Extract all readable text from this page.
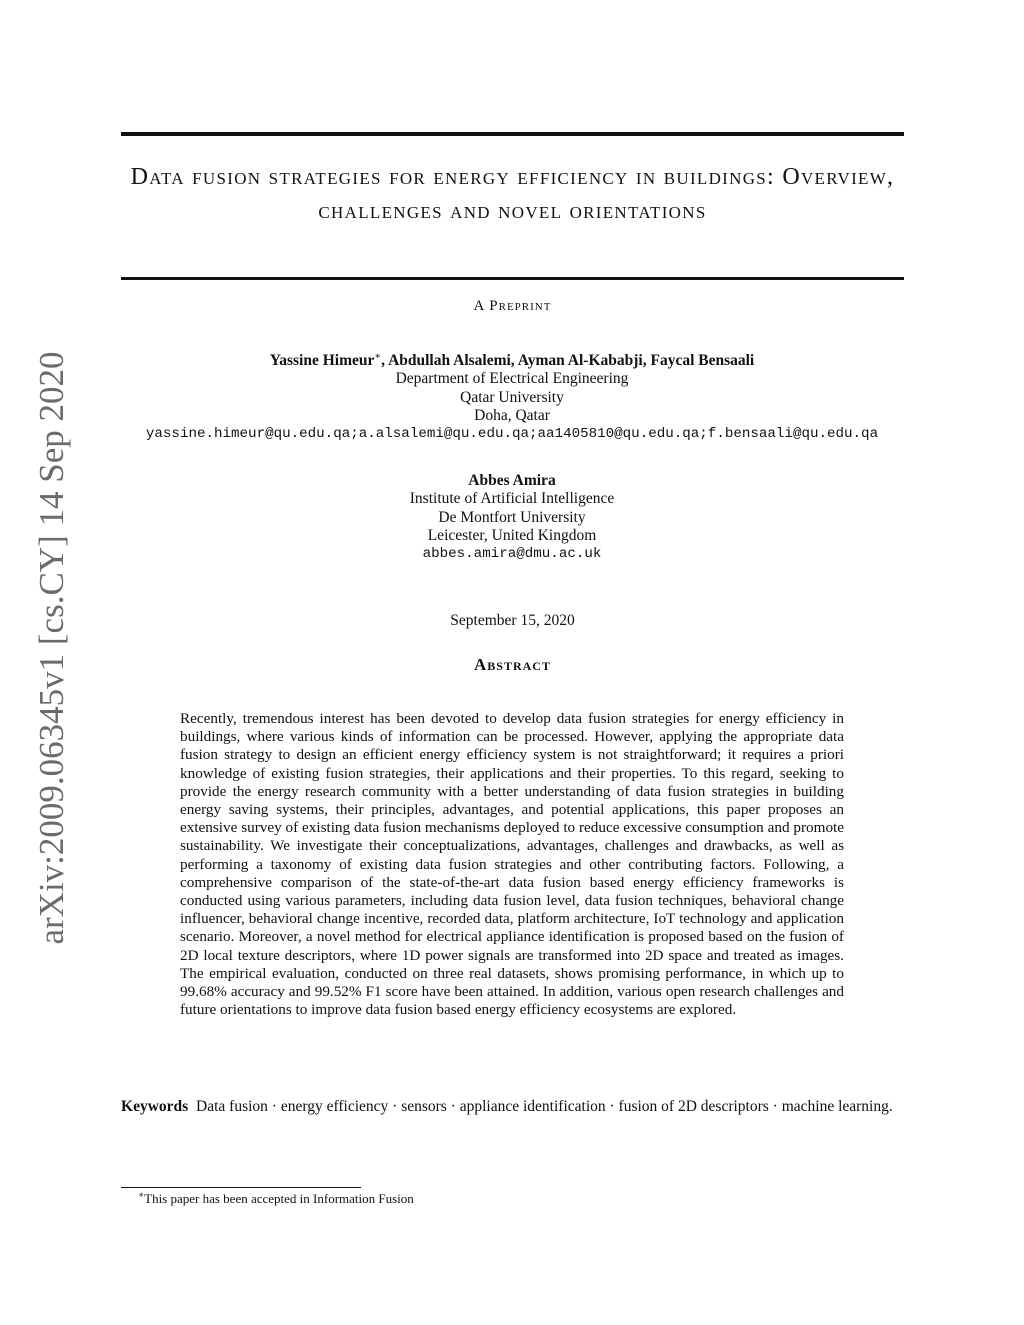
arXiv:2009.06345v1 [cs.CY] 14 Sep 2020
Data fusion strategies for energy efficiency in buildings: Overview, challenges and novel orientations
A Preprint
Yassine Himeur∗, Abdullah Alsalemi, Ayman Al-Kababji, Faycal Bensaali
Department of Electrical Engineering
Qatar University
Doha, Qatar
yassine.himeur@qu.edu.qa;a.alsalemi@qu.edu.qa;aa1405810@qu.edu.qa;f.bensaali@qu.edu.qa
Abbes Amira
Institute of Artificial Intelligence
De Montfort University
Leicester, United Kingdom
abbes.amira@dmu.ac.uk
September 15, 2020
Abstract

Recently, tremendous interest has been devoted to develop data fusion strategies for energy efficiency in buildings, where various kinds of information can be processed. However, applying the appropriate data fusion strategy to design an efficient energy efficiency system is not straightforward; it requires a priori knowledge of existing fusion strategies, their applications and their properties. To this regard, seeking to provide the energy research community with a better understanding of data fusion strategies in building energy saving systems, their principles, advantages, and potential applications, this paper proposes an extensive survey of existing data fusion mechanisms deployed to reduce excessive consumption and promote sustainability. We investigate their conceptualizations, advantages, challenges and drawbacks, as well as performing a taxonomy of existing data fusion strategies and other contributing factors. Following, a comprehensive comparison of the state-of-the-art data fusion based energy efficiency frameworks is conducted using various parameters, including data fusion level, data fusion techniques, behavioral change influencer, behavioral change incentive, recorded data, platform architecture, IoT technology and application scenario. Moreover, a novel method for electrical appliance identification is proposed based on the fusion of 2D local texture descriptors, where 1D power signals are transformed into 2D space and treated as images. The empirical evaluation, conducted on three real datasets, shows promising performance, in which up to 99.68% accuracy and 99.52% F1 score have been attained. In addition, various open research challenges and future orientations to improve data fusion based energy efficiency ecosystems are explored.

Keywords Data fusion · energy efficiency · sensors · appliance identification · fusion of 2D descriptors · machine learning.

∗This paper has been accepted in Information Fusion
